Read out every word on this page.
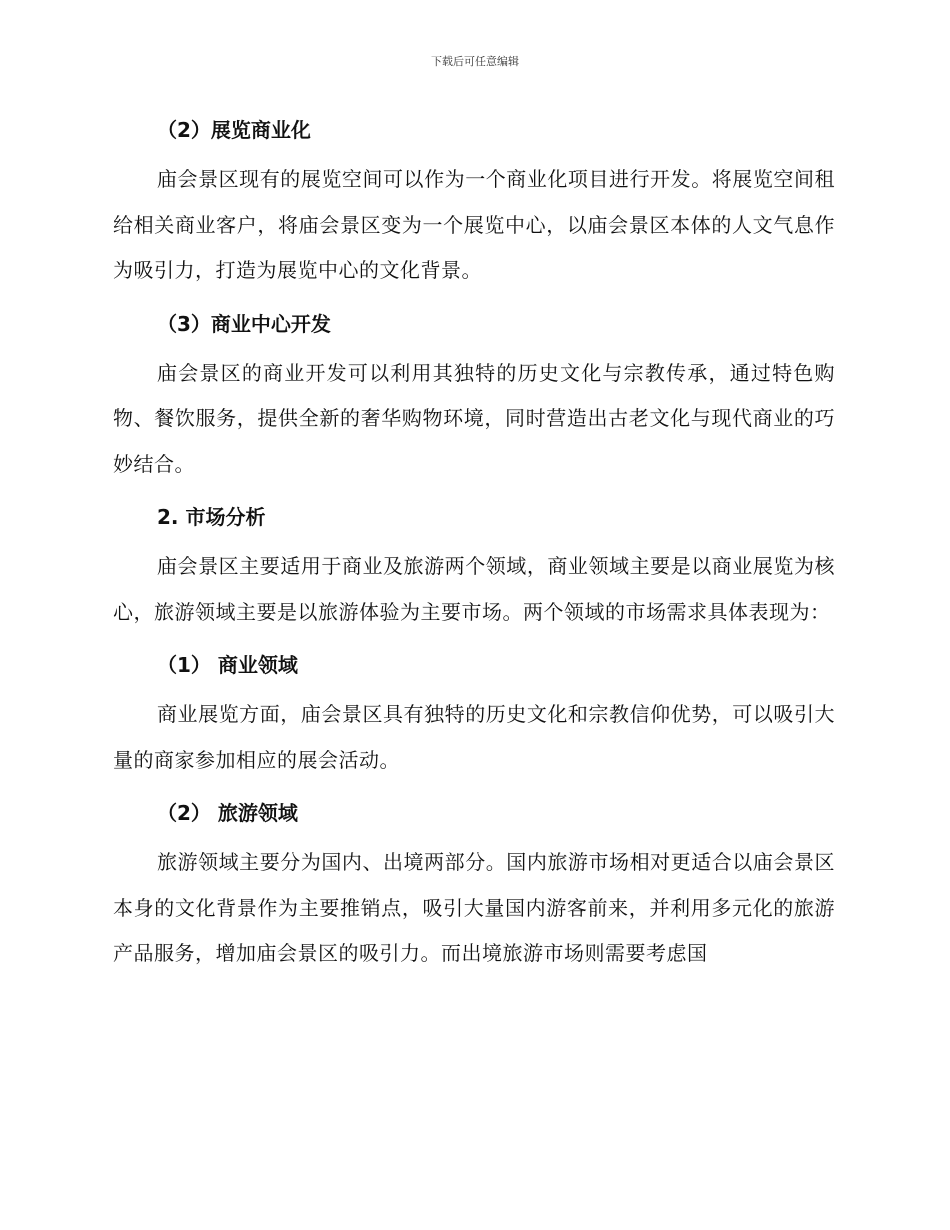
下载后可任意编辑
（2）展览商业化

庙会景区现有的展览空间可以作为一个商业化项目进行开发。将展览空间租给相关商业客户，将庙会景区变为一个展览中心，以庙会景区本体的人文气息作为吸引力，打造为展览中心的文化背景。

（3）商业中心开发

庙会景区的商业开发可以利用其独特的历史文化与宗教传承，通过特色购物、餐饮服务，提供全新的奢华购物环境，同时营造出古老文化与现代商业的巧妙结合。

2. 市场分析

庙会景区主要适用于商业及旅游两个领域，商业领域主要是以商业展览为核心，旅游领域主要是以旅游体验为主要市场。两个领域的市场需求具体表现为：

（1） 商业领域

商业展览方面，庙会景区具有独特的历史文化和宗教信仰优势，可以吸引大量的商家参加相应的展会活动。

（2） 旅游领域

旅游领域主要分为国内、出境两部分。国内旅游市场相对更适合以庙会景区本身的文化背景作为主要推销点，吸引大量国内游客前来，并利用多元化的旅游产品服务，增加庙会景区的吸引力。而出境旅游市场则需要考虑国
